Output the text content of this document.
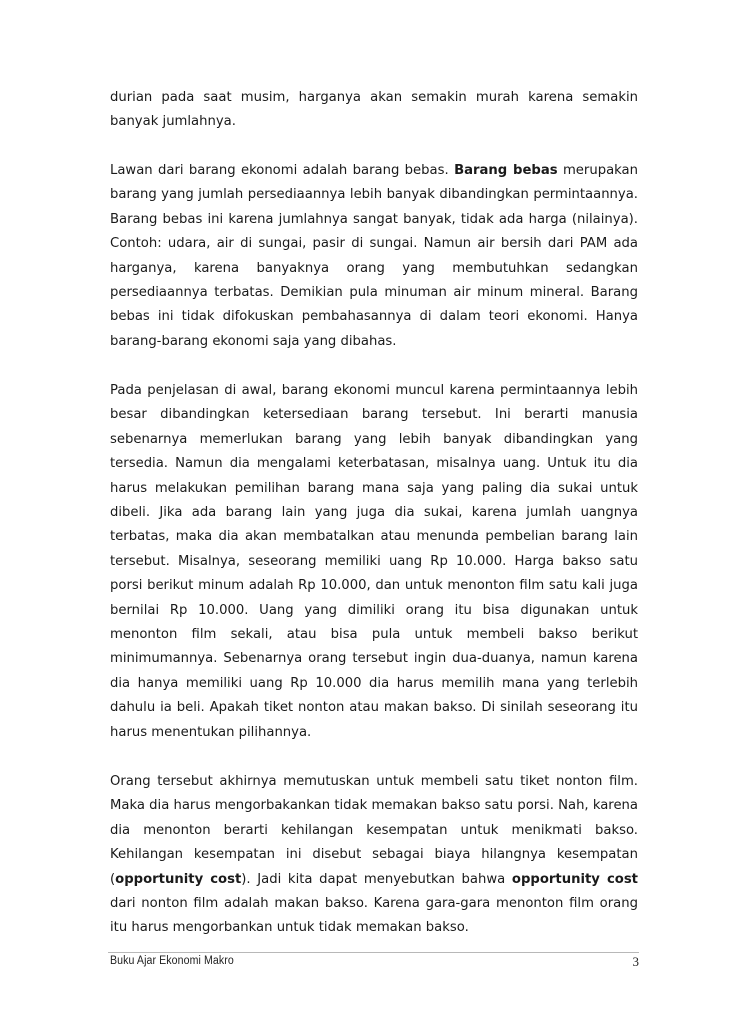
durian pada saat musim, harganya akan semakin murah karena semakin banyak jumlahnya.

Lawan dari barang ekonomi adalah barang bebas. Barang bebas merupakan barang yang jumlah persediaannya lebih banyak dibandingkan permintaannya. Barang bebas ini karena jumlahnya sangat banyak, tidak ada harga (nilainya). Contoh: udara, air di sungai, pasir di sungai. Namun air bersih dari PAM ada harganya, karena banyaknya orang yang membutuhkan sedangkan persediaannya terbatas. Demikian pula minuman air minum mineral. Barang bebas ini tidak difokuskan pembahasannya di dalam teori ekonomi. Hanya barang-barang ekonomi saja yang dibahas.

Pada penjelasan di awal, barang ekonomi muncul karena permintaannya lebih besar dibandingkan ketersediaan barang tersebut. Ini berarti manusia sebenarnya memerlukan barang yang lebih banyak dibandingkan yang tersedia. Namun dia mengalami keterbatasan, misalnya uang. Untuk itu dia harus melakukan pemilihan barang mana saja yang paling dia sukai untuk dibeli. Jika ada barang lain yang juga dia sukai, karena jumlah uangnya terbatas, maka dia akan membatalkan atau menunda pembelian barang lain tersebut. Misalnya, seseorang memiliki uang Rp 10.000. Harga bakso satu porsi berikut minum adalah Rp 10.000, dan untuk menonton film satu kali juga bernilai Rp 10.000. Uang yang dimiliki orang itu bisa digunakan untuk menonton film sekali, atau bisa pula untuk membeli bakso berikut minimumannya. Sebenarnya orang tersebut ingin dua-duanya, namun karena dia hanya memiliki uang Rp 10.000 dia harus memilih mana yang terlebih dahulu ia beli. Apakah tiket nonton atau makan bakso. Di sinilah seseorang itu harus menentukan pilihannya.

Orang tersebut akhirnya memutuskan untuk membeli satu tiket nonton film. Maka dia harus mengorbakankan tidak memakan bakso satu porsi. Nah, karena dia menonton berarti kehilangan kesempatan untuk menikmati bakso. Kehilangan kesempatan ini disebut sebagai biaya hilangnya kesempatan (opportunity cost). Jadi kita dapat menyebutkan bahwa opportunity cost dari nonton film adalah makan bakso. Karena gara-gara menonton film orang itu harus mengorbankan untuk tidak memakan bakso.

Buku Ajar Ekonomi Makro	3
